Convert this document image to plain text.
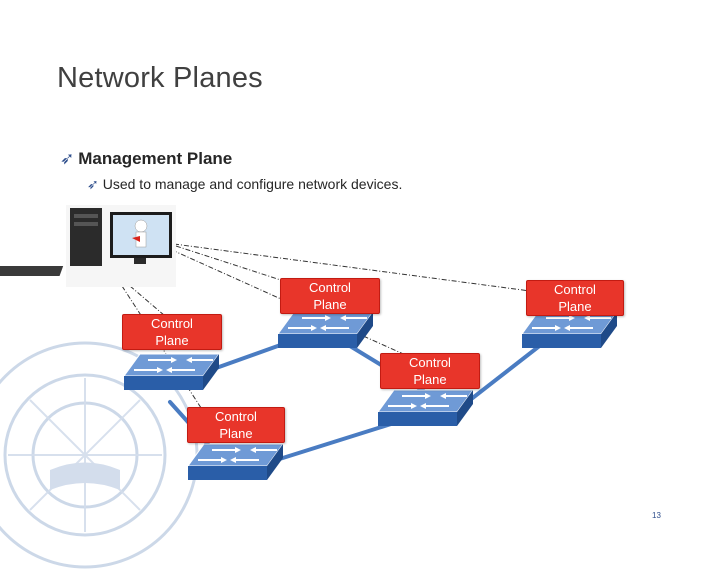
Network Planes
➶ Management Plane
➶ Used to manage and configure network devices.
Control
Plane
Control
Plane
Control
Plane
Control
Plane
Control
Plane
13
